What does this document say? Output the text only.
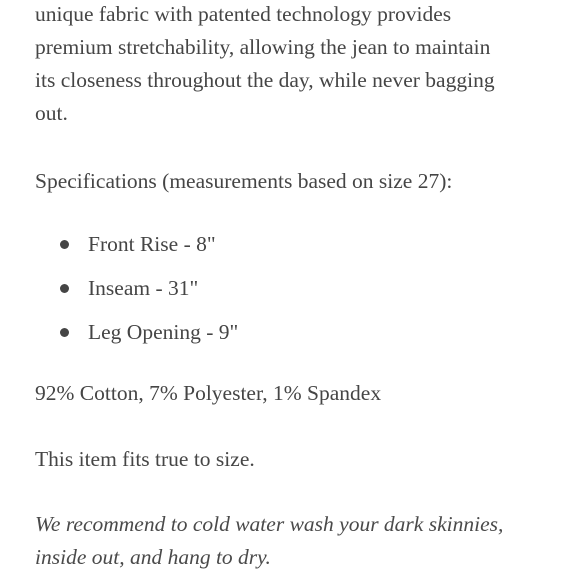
unique fabric with patented technology provides
premium stretchability, allowing the jean to maintain
its closeness throughout the day, while never bagging
out.

Specifications (measurements based on size 27):

Front Rise - 8"
Inseam - 31"
Leg Opening - 9"

92% Cotton, 7% Polyester, 1% Spandex

This item fits true to size.

We recommend to cold water wash your dark skinnies,
inside out, and hang to dry.
